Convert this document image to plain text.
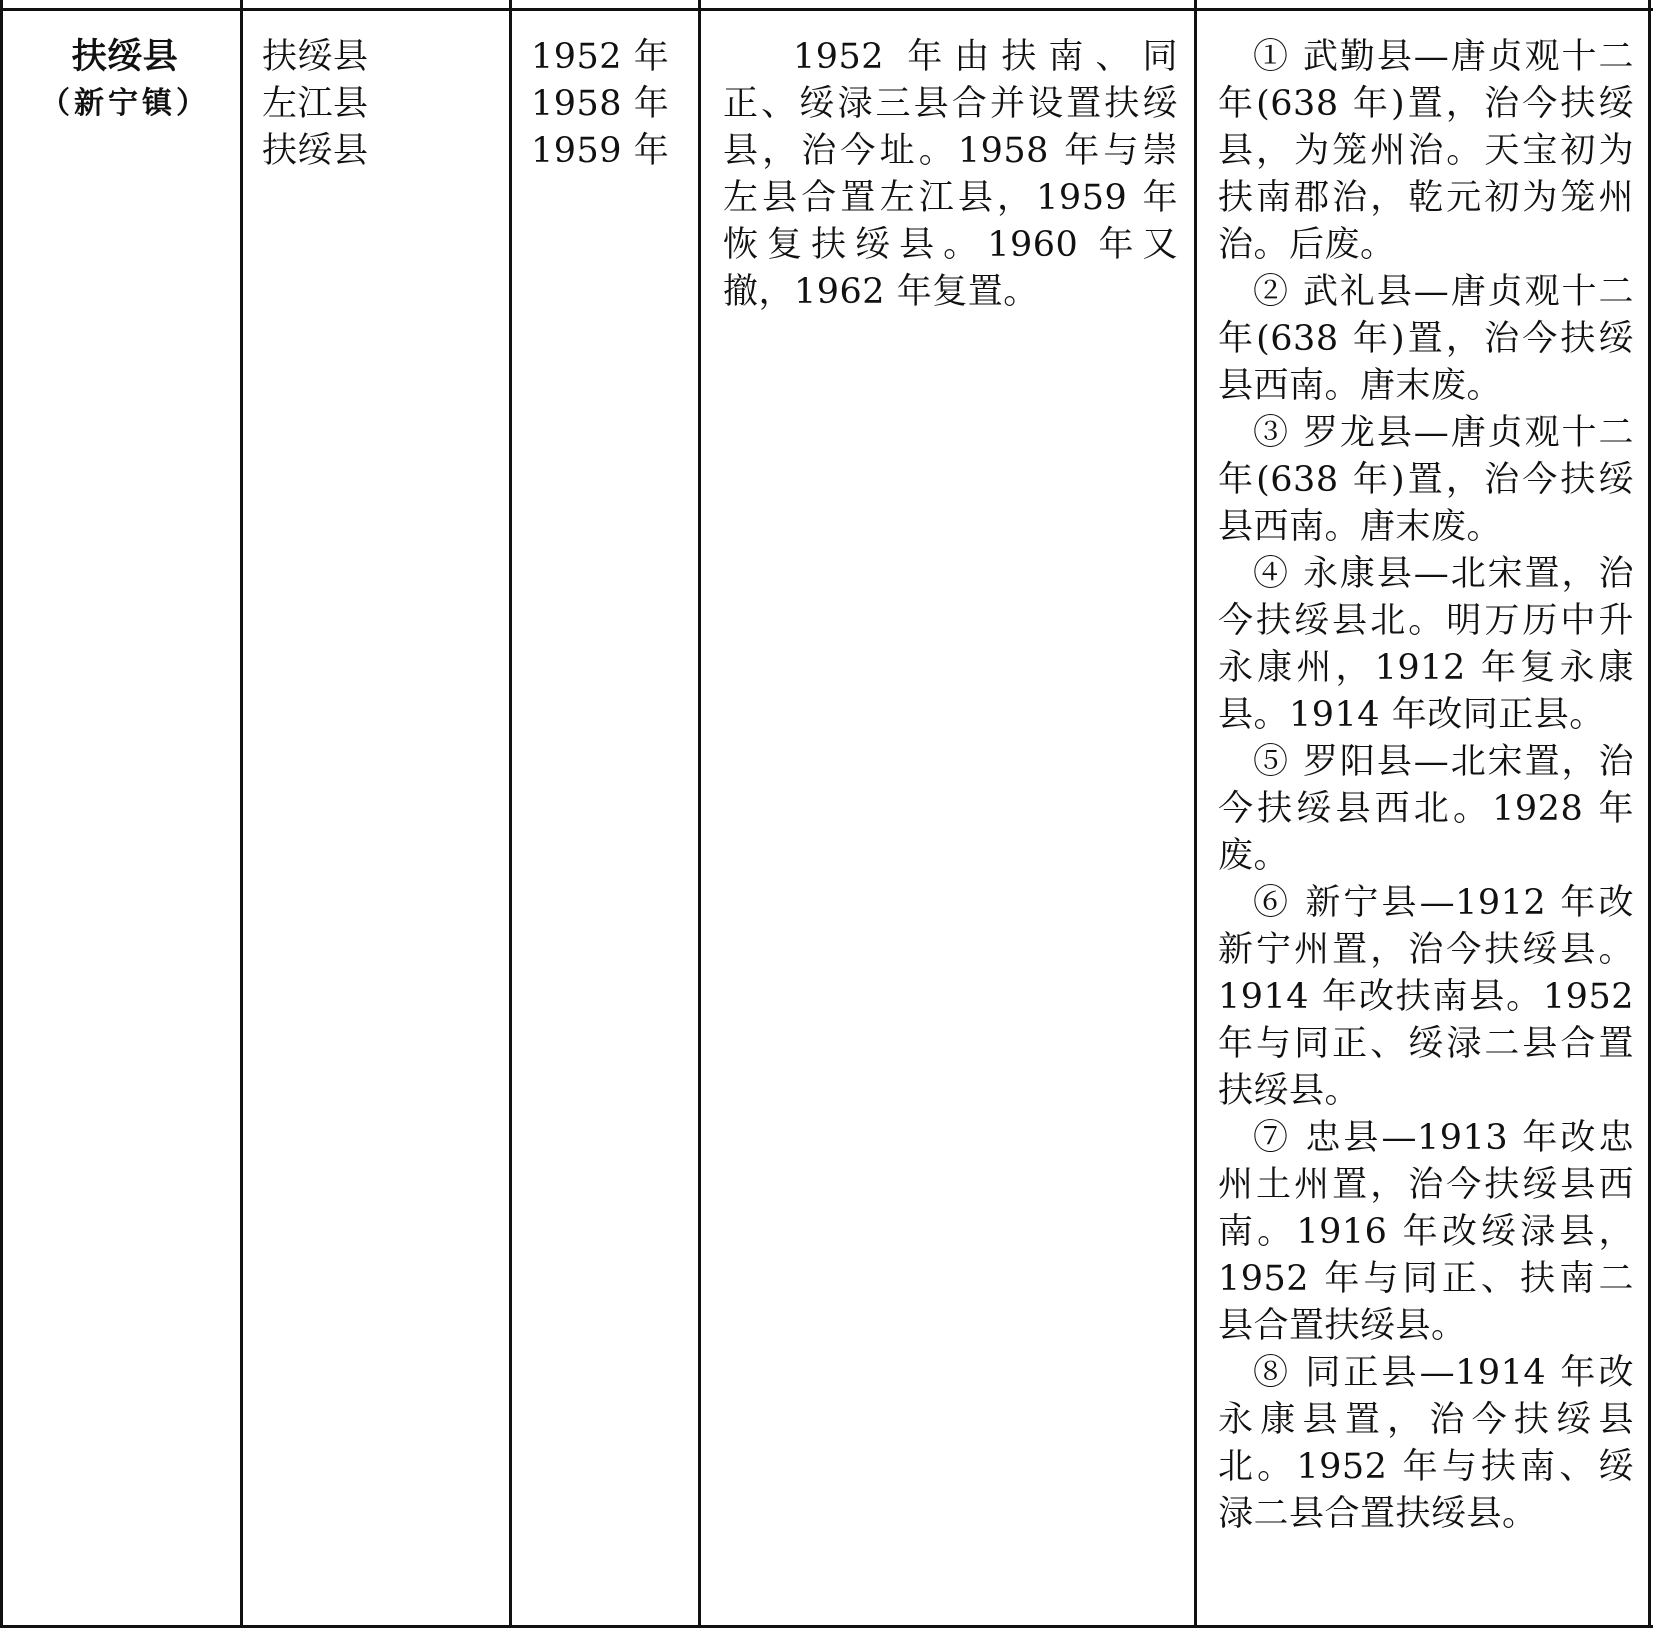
扶绥县
（新宁镇）
扶绥县
左江县
扶绥县
1952 年
1958 年
1959 年
1952 年由扶南、同正、绥渌三县合并设置扶绥县，治今址。1958 年与崇左县合置左江县，1959 年恢复扶绥县。1960 年又撤，1962 年复置。

① 武勤县—唐贞观十二年(638 年)置，治今扶绥县，为笼州治。天宝初为扶南郡治，乾元初为笼州治。后废。

② 武礼县—唐贞观十二年(638 年)置，治今扶绥县西南。唐末废。

③ 罗龙县—唐贞观十二年(638 年)置，治今扶绥县西南。唐末废。

④ 永康县—北宋置，治今扶绥县北。明万历中升永康州，1912 年复永康县。1914 年改同正县。

⑤ 罗阳县—北宋置，治今扶绥县西北。1928 年废。

⑥ 新宁县—1912 年改新宁州置，治今扶绥县。1914 年改扶南县。1952 年与同正、绥渌二县合置扶绥县。

⑦ 忠县—1913 年改忠州土州置，治今扶绥县西南。1916 年改绥渌县，1952 年与同正、扶南二县合置扶绥县。

⑧ 同正县—1914 年改永康县置，治今扶绥县北。1952 年与扶南、绥渌二县合置扶绥县。
